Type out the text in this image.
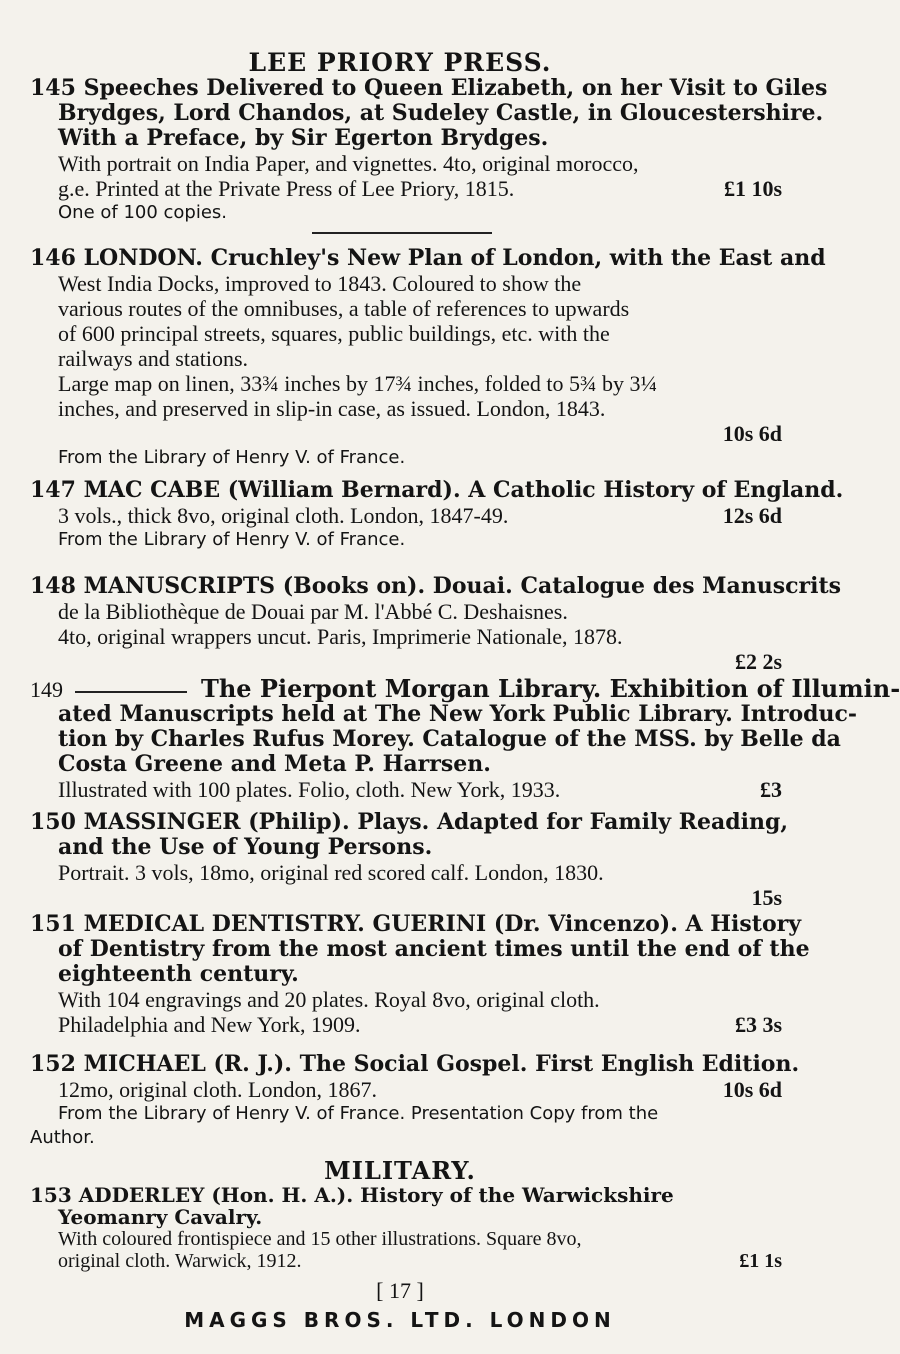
LEE PRIORY PRESS.
145 Speeches Delivered to Queen Elizabeth, on her Visit to Giles
Brydges, Lord Chandos, at Sudeley Castle, in Gloucestershire.
With a Preface, by Sir Egerton Brydges.
With portrait on India Paper, and vignettes. 4to, original morocco,
g.e. Printed at the Private Press of Lee Priory, 1815.	£1 10s
One of 100 copies.
146 LONDON. Cruchley's New Plan of London, with the East and
West India Docks, improved to 1843. Coloured to show the
various routes of the omnibuses, a table of references to upwards
of 600 principal streets, squares, public buildings, etc. with the
railways and stations.
Large map on linen, 33¾ inches by 17¾ inches, folded to 5¾ by 3¼
inches, and preserved in slip-in case, as issued. London, 1843.
10s 6d
From the Library of Henry V. of France.
147 MAC CABE (William Bernard). A Catholic History of England.
3 vols., thick 8vo, original cloth. London, 1847-49.	12s 6d
From the Library of Henry V. of France.
148 MANUSCRIPTS (Books on). Douai. Catalogue des Manuscrits
de la Bibliothèque de Douai par M. l'Abbé C. Deshaisnes.
4to, original wrappers uncut. Paris, Imprimerie Nationale, 1878.
£2 2s
149	The Pierpont Morgan Library. Exhibition of Illumin-
ated Manuscripts held at The New York Public Library. Introduc-
tion by Charles Rufus Morey. Catalogue of the MSS. by Belle da
Costa Greene and Meta P. Harrsen.
Illustrated with 100 plates. Folio, cloth. New York, 1933.	£3
150 MASSINGER (Philip). Plays. Adapted for Family Reading,
and the Use of Young Persons.
Portrait. 3 vols, 18mo, original red scored calf. London, 1830.
15s
151 MEDICAL DENTISTRY. GUERINI (Dr. Vincenzo). A History
of Dentistry from the most ancient times until the end of the
eighteenth century.
With 104 engravings and 20 plates. Royal 8vo, original cloth.
Philadelphia and New York, 1909.	£3 3s
152 MICHAEL (R. J.). The Social Gospel. First English Edition.
12mo, original cloth. London, 1867.	10s 6d
From the Library of Henry V. of France. Presentation Copy from the
Author.
MILITARY.
153 ADDERLEY (Hon. H. A.). History of the Warwickshire
Yeomanry Cavalry.
With coloured frontispiece and 15 other illustrations. Square 8vo,
original cloth. Warwick, 1912.	£1 1s
[ 17 ]
MAGGS BROS. LTD. LONDON
